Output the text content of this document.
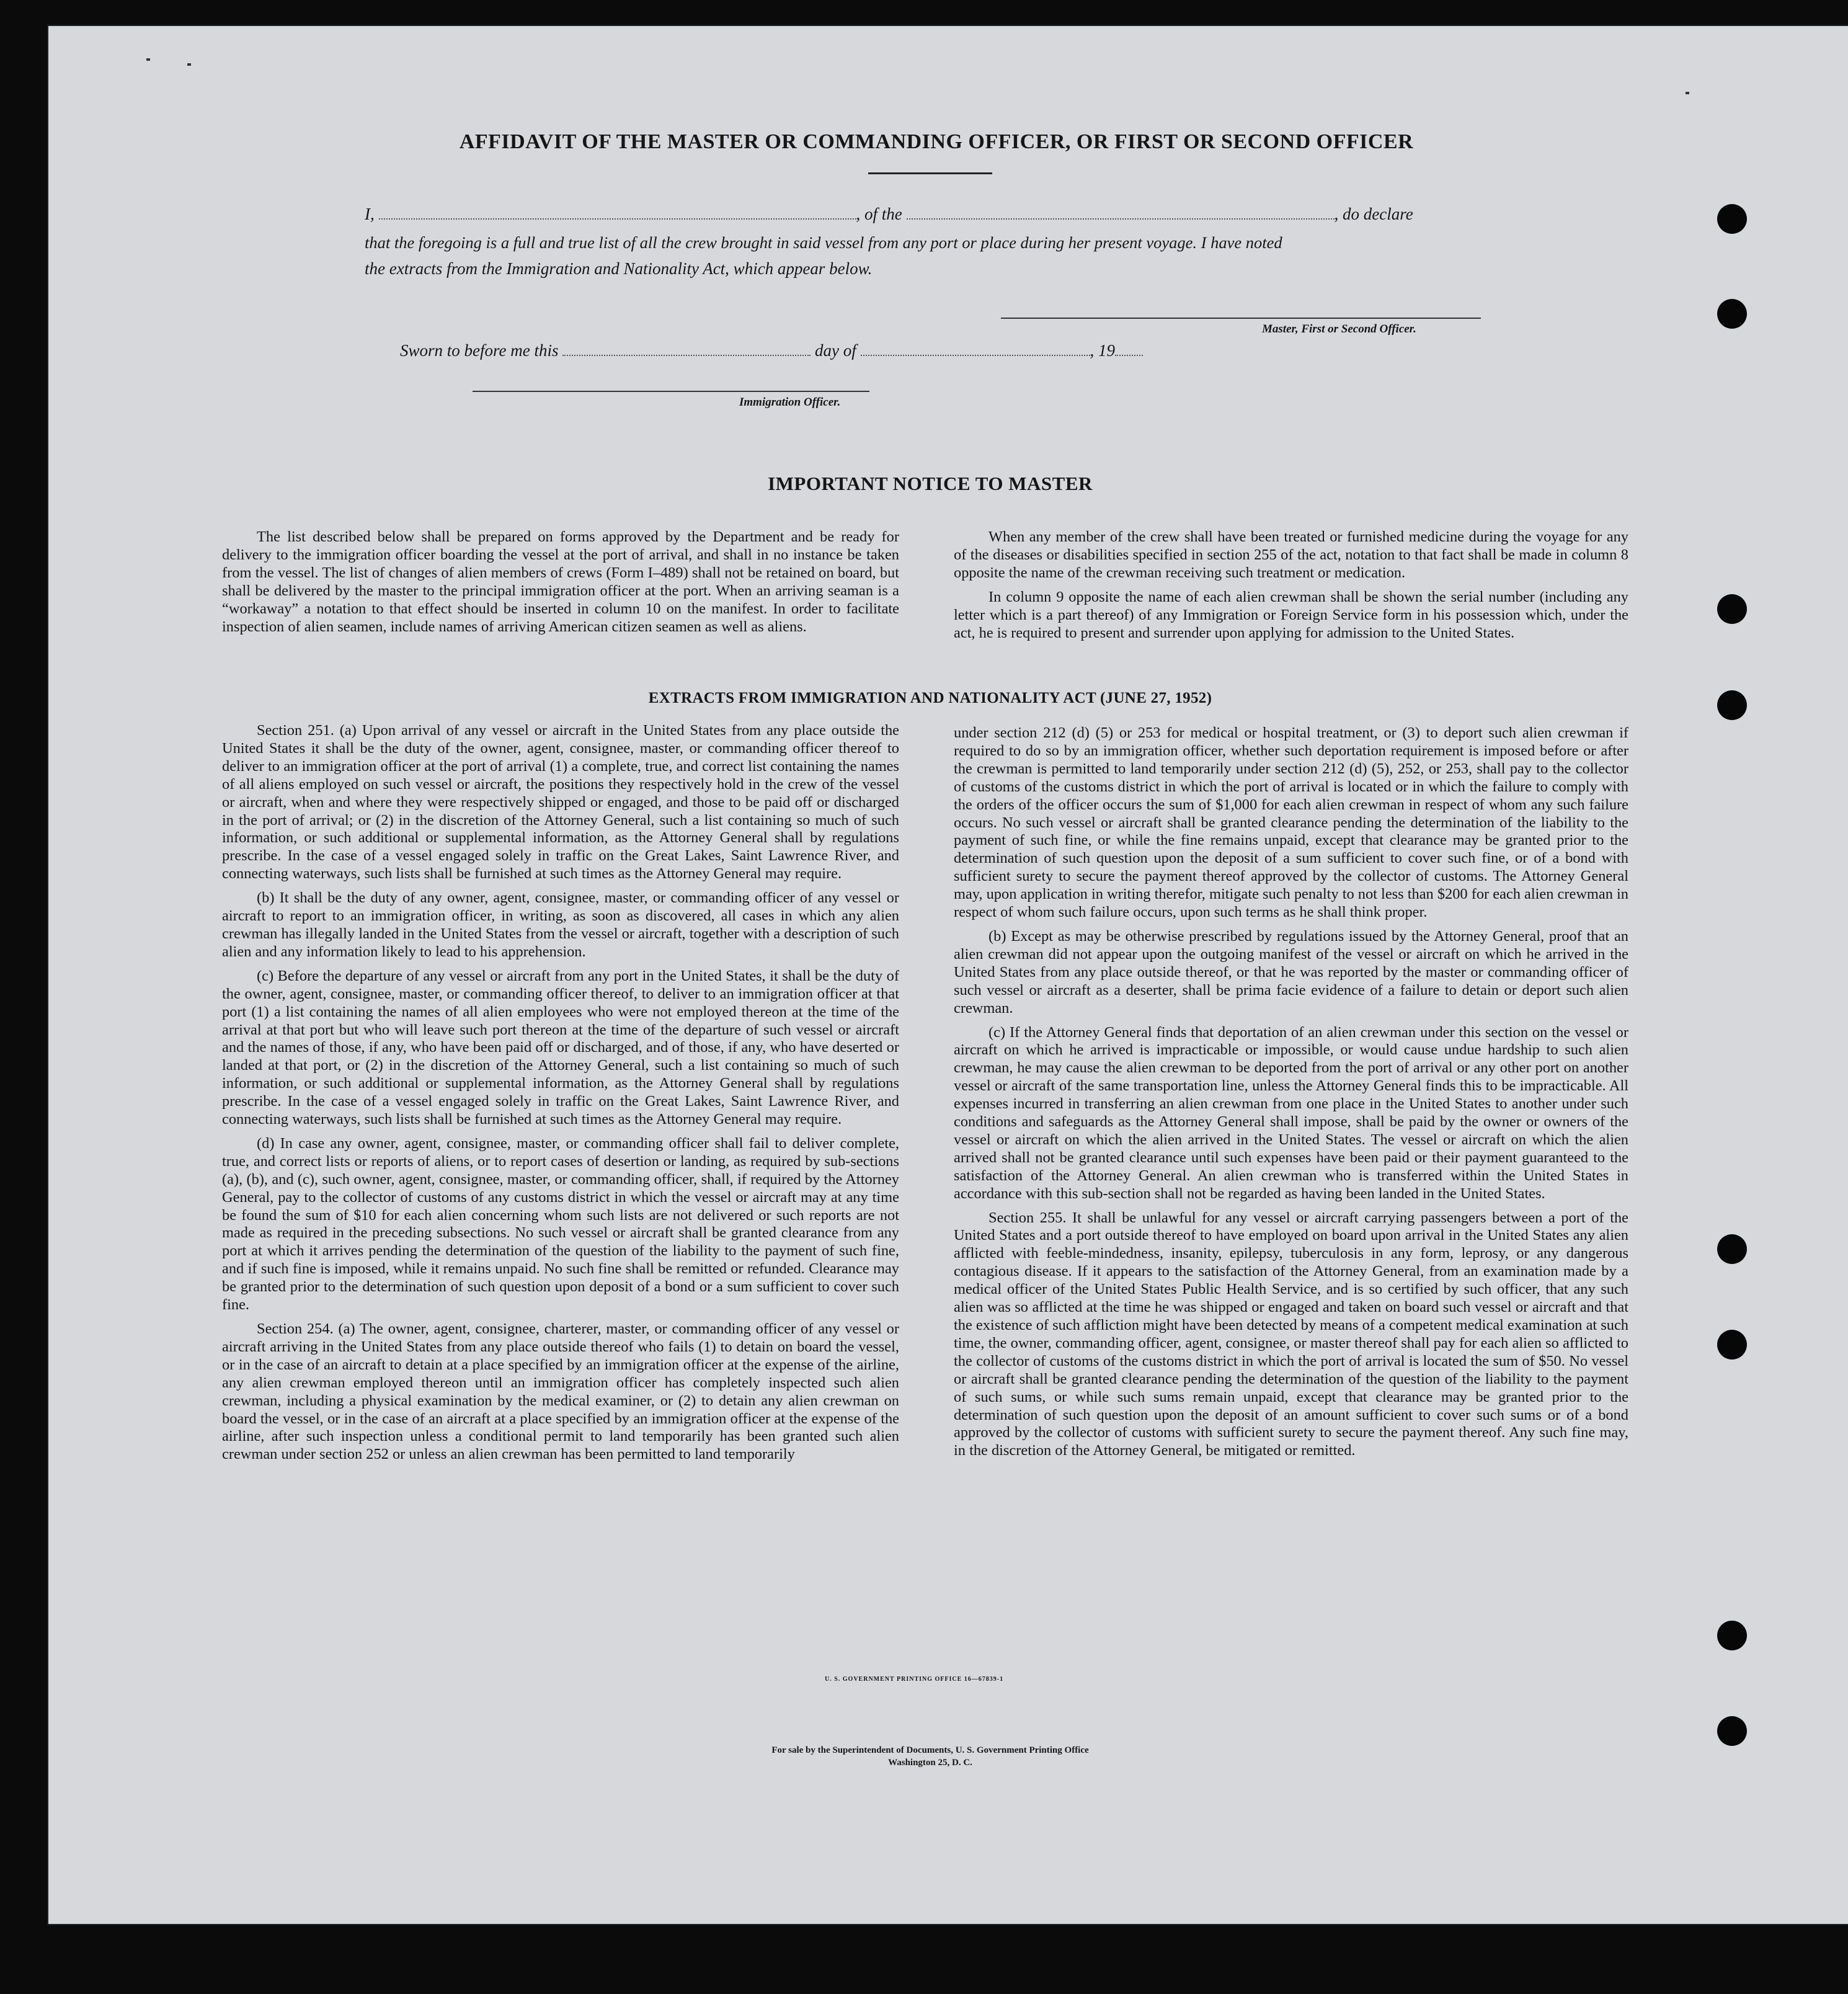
AFFIDAVIT OF THE MASTER OR COMMANDING OFFICER, OR FIRST OR SECOND OFFICER
I,	, of the	, do declare
that the foregoing is a full and true list of all the crew brought in said vessel from any port or place during her present voyage. I have noted
the extracts from the Immigration and Nationality Act, which appear below.
Master, First or Second Officer.
Sworn to before me this	day of	, 19
Immigration Officer.
IMPORTANT NOTICE TO MASTER

The list described below shall be prepared on forms approved by the Department and be ready for delivery to the immigration officer boarding the vessel at the port of arrival, and shall in no instance be taken from the vessel. The list of changes of alien members of crews (Form I–489) shall not be retained on board, but shall be delivered by the master to the principal immigration officer at the port. When an arriving seaman is a “workaway” a notation to that effect should be inserted in column 10 on the manifest. In order to facilitate inspection of alien seamen, include names of arriving American citizen seamen as well as aliens.

When any member of the crew shall have been treated or furnished medicine during the voyage for any of the diseases or disabilities specified in section 255 of the act, notation to that fact shall be made in column 8 opposite the name of the crewman receiving such treatment or medication.

In column 9 opposite the name of each alien crewman shall be shown the serial number (including any letter which is a part thereof) of any Immigration or Foreign Service form in his possession which, under the act, he is required to present and surrender upon applying for admission to the United States.

EXTRACTS FROM IMMIGRATION AND NATIONALITY ACT (JUNE 27, 1952)

Section 251. (a) Upon arrival of any vessel or aircraft in the United States from any place outside the United States it shall be the duty of the owner, agent, consignee, master, or commanding officer thereof to deliver to an immigration officer at the port of arrival (1) a complete, true, and correct list containing the names of all aliens employed on such vessel or aircraft, the positions they respectively hold in the crew of the vessel or aircraft, when and where they were respectively shipped or engaged, and those to be paid off or discharged in the port of arrival; or (2) in the discretion of the Attorney General, such a list containing so much of such information, or such additional or supplemental information, as the Attorney General shall by regulations prescribe. In the case of a vessel engaged solely in traffic on the Great Lakes, Saint Lawrence River, and connecting waterways, such lists shall be furnished at such times as the Attorney General may require.

(b) It shall be the duty of any owner, agent, consignee, master, or commanding officer of any vessel or aircraft to report to an immigration officer, in writing, as soon as discovered, all cases in which any alien crewman has illegally landed in the United States from the vessel or aircraft, together with a description of such alien and any information likely to lead to his apprehension.

(c) Before the departure of any vessel or aircraft from any port in the United States, it shall be the duty of the owner, agent, consignee, master, or commanding officer thereof, to deliver to an immigration officer at that port (1) a list containing the names of all alien employees who were not employed thereon at the time of the arrival at that port but who will leave such port thereon at the time of the departure of such vessel or aircraft and the names of those, if any, who have been paid off or discharged, and of those, if any, who have deserted or landed at that port, or (2) in the discretion of the Attorney General, such a list containing so much of such information, or such additional or supplemental information, as the Attorney General shall by regulations prescribe. In the case of a vessel engaged solely in traffic on the Great Lakes, Saint Lawrence River, and connecting waterways, such lists shall be furnished at such times as the Attorney General may require.

(d) In case any owner, agent, consignee, master, or commanding officer shall fail to deliver complete, true, and correct lists or reports of aliens, or to report cases of desertion or landing, as required by sub-sections (a), (b), and (c), such owner, agent, consignee, master, or commanding officer, shall, if required by the Attorney General, pay to the collector of customs of any customs district in which the vessel or aircraft may at any time be found the sum of $10 for each alien concerning whom such lists are not delivered or such reports are not made as required in the preceding subsections. No such vessel or aircraft shall be granted clearance from any port at which it arrives pending the determination of the question of the liability to the payment of such fine, and if such fine is imposed, while it remains unpaid. No such fine shall be remitted or refunded. Clearance may be granted prior to the determination of such question upon deposit of a bond or a sum sufficient to cover such fine.

Section 254. (a) The owner, agent, consignee, charterer, master, or commanding officer of any vessel or aircraft arriving in the United States from any place outside thereof who fails (1) to detain on board the vessel, or in the case of an aircraft to detain at a place specified by an immigration officer at the expense of the airline, any alien crewman employed thereon until an immigration officer has completely inspected such alien crewman, including a physical examination by the medical examiner, or (2) to detain any alien crewman on board the vessel, or in the case of an aircraft at a place specified by an immigration officer at the expense of the airline, after such inspection unless a conditional permit to land temporarily has been granted such alien crewman under section 252 or unless an alien crewman has been permitted to land temporarily

under section 212 (d) (5) or 253 for medical or hospital treatment, or (3) to deport such alien crewman if required to do so by an immigration officer, whether such deportation requirement is imposed before or after the crewman is permitted to land temporarily under section 212 (d) (5), 252, or 253, shall pay to the collector of customs of the customs district in which the port of arrival is located or in which the failure to comply with the orders of the officer occurs the sum of $1,000 for each alien crewman in respect of whom any such failure occurs. No such vessel or aircraft shall be granted clearance pending the determination of the liability to the payment of such fine, or while the fine remains unpaid, except that clearance may be granted prior to the determination of such question upon the deposit of a sum sufficient to cover such fine, or of a bond with sufficient surety to secure the payment thereof approved by the collector of customs. The Attorney General may, upon application in writing therefor, mitigate such penalty to not less than $200 for each alien crewman in respect of whom such failure occurs, upon such terms as he shall think proper.

(b) Except as may be otherwise prescribed by regulations issued by the Attorney General, proof that an alien crewman did not appear upon the outgoing manifest of the vessel or aircraft on which he arrived in the United States from any place outside thereof, or that he was reported by the master or commanding officer of such vessel or aircraft as a deserter, shall be prima facie evidence of a failure to detain or deport such alien crewman.

(c) If the Attorney General finds that deportation of an alien crewman under this section on the vessel or aircraft on which he arrived is impracticable or impossible, or would cause undue hardship to such alien crewman, he may cause the alien crewman to be deported from the port of arrival or any other port on another vessel or aircraft of the same transportation line, unless the Attorney General finds this to be impracticable. All expenses incurred in transferring an alien crewman from one place in the United States to another under such conditions and safeguards as the Attorney General shall impose, shall be paid by the owner or owners of the vessel or aircraft on which the alien arrived in the United States. The vessel or aircraft on which the alien arrived shall not be granted clearance until such expenses have been paid or their payment guaranteed to the satisfaction of the Attorney General. An alien crewman who is transferred within the United States in accordance with this sub-section shall not be regarded as having been landed in the United States.

Section 255. It shall be unlawful for any vessel or aircraft carrying passengers between a port of the United States and a port outside thereof to have employed on board upon arrival in the United States any alien afflicted with feeble-mindedness, insanity, epilepsy, tuberculosis in any form, leprosy, or any dangerous contagious disease. If it appears to the satisfaction of the Attorney General, from an examination made by a medical officer of the United States Public Health Service, and is so certified by such officer, that any such alien was so afflicted at the time he was shipped or engaged and taken on board such vessel or aircraft and that the existence of such affliction might have been detected by means of a competent medical examination at such time, the owner, commanding officer, agent, consignee, or master thereof shall pay for each alien so afflicted to the collector of customs of the customs district in which the port of arrival is located the sum of $50. No vessel or aircraft shall be granted clearance pending the determination of the question of the liability to the payment of such sums, or while such sums remain unpaid, except that clearance may be granted prior to the determination of such question upon the deposit of an amount sufficient to cover such sums or of a bond approved by the collector of customs with sufficient surety to secure the payment thereof. Any such fine may, in the discretion of the Attorney General, be mitigated or remitted.

U. S. GOVERNMENT PRINTING OFFICE 16—67839-1
For sale by the Superintendent of Documents, U. S. Government Printing Office
Washington 25, D. C.
